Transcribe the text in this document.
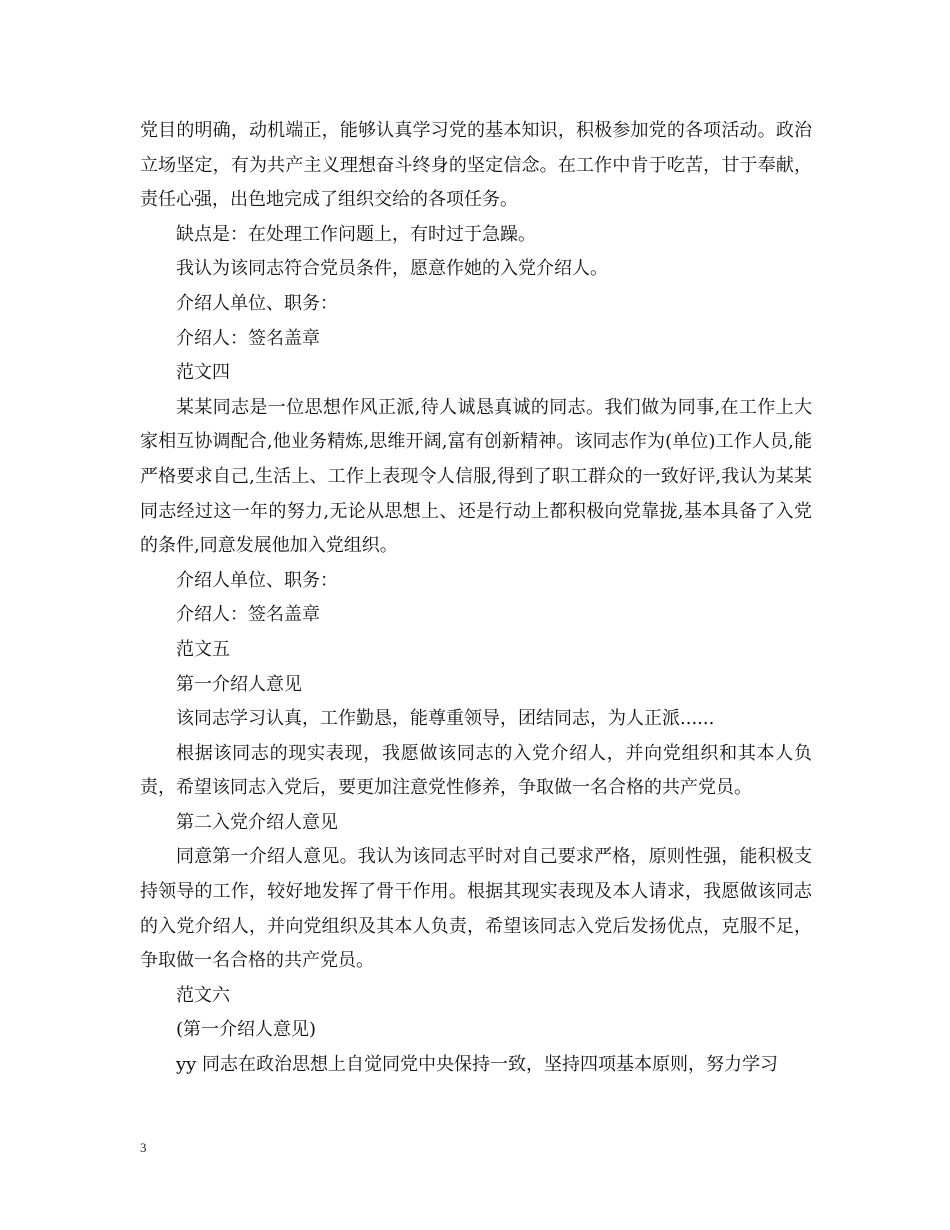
党目的明确，动机端正，能够认真学习党的基本知识，积极参加党的各项活动。政治立场坚定，有为共产主义理想奋斗终身的坚定信念。在工作中肯于吃苦，甘于奉献，责任心强，出色地完成了组织交给的各项任务。

缺点是：在处理工作问题上，有时过于急躁。

我认为该同志符合党员条件，愿意作她的入党介绍人。

介绍人单位、职务：

介绍人：签名盖章

范文四

某某同志是一位思想作风正派,待人诚恳真诚的同志。我们做为同事,在工作上大家相互协调配合,他业务精炼,思维开阔,富有创新精神。该同志作为(单位)工作人员,能严格要求自己,生活上、工作上表现令人信服,得到了职工群众的一致好评,我认为某某同志经过这一年的努力,无论从思想上、还是行动上都积极向党靠拢,基本具备了入党的条件,同意发展他加入党组织。

介绍人单位、职务：

介绍人：签名盖章

范文五

第一介绍人意见

该同志学习认真，工作勤恳，能尊重领导，团结同志，为人正派......

根据该同志的现实表现，我愿做该同志的入党介绍人，并向党组织和其本人负责，希望该同志入党后，要更加注意党性修养，争取做一名合格的共产党员。

第二入党介绍人意见

同意第一介绍人意见。我认为该同志平时对自己要求严格，原则性强，能积极支持领导的工作，较好地发挥了骨干作用。根据其现实表现及本人请求，我愿做该同志的入党介绍人，并向党组织及其本人负责，希望该同志入党后发扬优点，克服不足，争取做一名合格的共产党员。

范文六

(第一介绍人意见)

yy 同志在政治思想上自觉同党中央保持一致，坚持四项基本原则，努力学习

3
